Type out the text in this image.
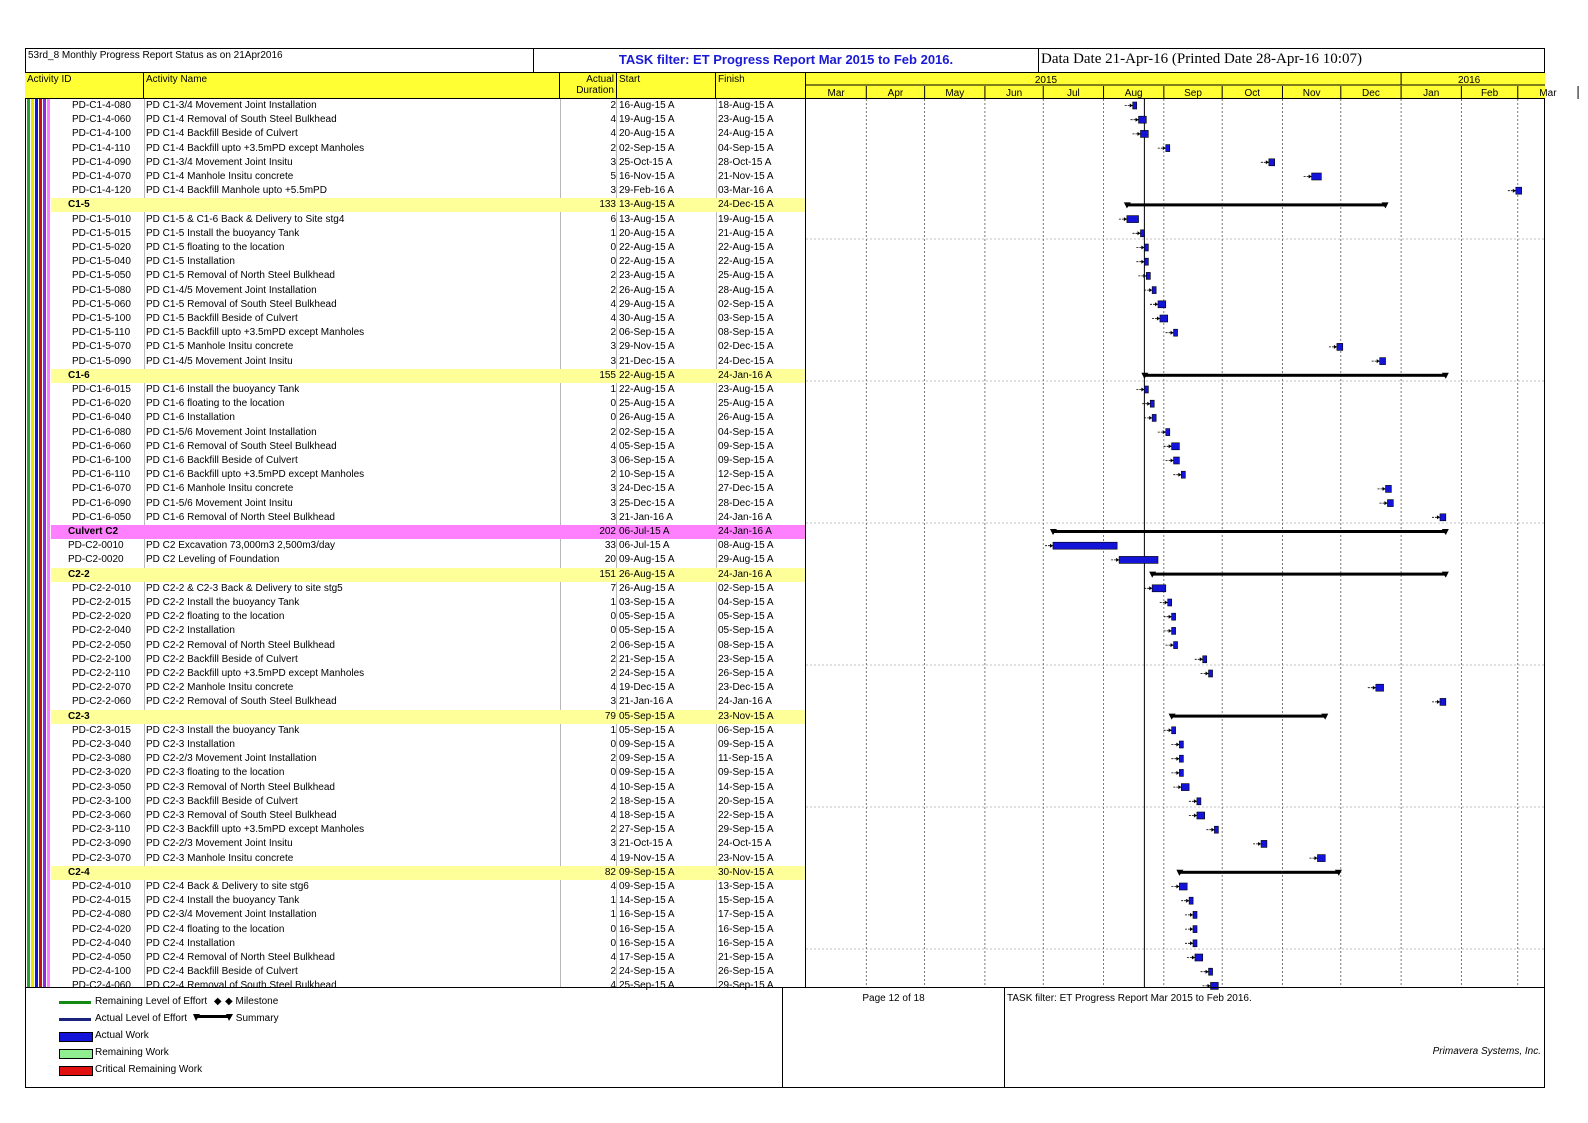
53rd_8 Monthly Progress Report Status as on 21Apr2016	TASK filter: ET Progress Report Mar 2015 to Feb 2016.	Data Date 21-Apr-16 (Printed Date 28-Apr-16 10:07)
Activity ID	Activity Name	Actual
Duration
Start	Finish
PD-C1-4-080	PD C1-3/4 Movement Joint Installation	2 16-Aug-15 A	18-Aug-15 A
PD-C1-4-060	PD C1-4 Removal of South Steel Bulkhead	4 19-Aug-15 A	23-Aug-15 A
PD-C1-4-100	PD C1-4 Backfill Beside of Culvert	4 20-Aug-15 A	24-Aug-15 A
PD-C1-4-110	PD C1-4 Backfill upto +3.5mPD except Manholes	2 02-Sep-15 A	04-Sep-15 A
PD-C1-4-090	PD C1-3/4 Movement Joint Insitu	3 25-Oct-15 A	28-Oct-15 A
PD-C1-4-070	PD C1-4 Manhole Insitu concrete	5 16-Nov-15 A	21-Nov-15 A
PD-C1-4-120	PD C1-4 Backfill Manhole upto +5.5mPD	3 29-Feb-16 A	03-Mar-16 A
C1-5	133 13-Aug-15 A	24-Dec-15 A
PD-C1-5-010	PD C1-5 & C1-6 Back & Delivery to Site stg4	6 13-Aug-15 A	19-Aug-15 A
PD-C1-5-015	PD C1-5 Install the buoyancy Tank	1 20-Aug-15 A	21-Aug-15 A
PD-C1-5-020	PD C1-5 floating to the location	0 22-Aug-15 A	22-Aug-15 A
PD-C1-5-040	PD C1-5 Installation	0 22-Aug-15 A	22-Aug-15 A
PD-C1-5-050	PD C1-5 Removal of North Steel Bulkhead	2 23-Aug-15 A	25-Aug-15 A
PD-C1-5-080	PD C1-4/5 Movement Joint Installation	2 26-Aug-15 A	28-Aug-15 A
PD-C1-5-060	PD C1-5 Removal of South Steel Bulkhead	4 29-Aug-15 A	02-Sep-15 A
PD-C1-5-100	PD C1-5 Backfill Beside of Culvert	4 30-Aug-15 A	03-Sep-15 A
PD-C1-5-110	PD C1-5 Backfill upto +3.5mPD except Manholes	2 06-Sep-15 A	08-Sep-15 A
PD-C1-5-070	PD C1-5 Manhole Insitu concrete	3 29-Nov-15 A	02-Dec-15 A
PD-C1-5-090	PD C1-4/5 Movement Joint Insitu	3 21-Dec-15 A	24-Dec-15 A
C1-6	155 22-Aug-15 A	24-Jan-16 A
PD-C1-6-015	PD C1-6 Install the buoyancy Tank	1 22-Aug-15 A	23-Aug-15 A
PD-C1-6-020	PD C1-6 floating to the location	0 25-Aug-15 A	25-Aug-15 A
PD-C1-6-040	PD C1-6 Installation	0 26-Aug-15 A	26-Aug-15 A
PD-C1-6-080	PD C1-5/6 Movement Joint Installation	2 02-Sep-15 A	04-Sep-15 A
PD-C1-6-060	PD C1-6 Removal of South Steel Bulkhead	4 05-Sep-15 A	09-Sep-15 A
PD-C1-6-100	PD C1-6 Backfill Beside of Culvert	3 06-Sep-15 A	09-Sep-15 A
PD-C1-6-110	PD C1-6 Backfill upto +3.5mPD except Manholes	2 10-Sep-15 A	12-Sep-15 A
PD-C1-6-070	PD C1-6 Manhole Insitu concrete	3 24-Dec-15 A	27-Dec-15 A
PD-C1-6-090	PD C1-5/6 Movement Joint Insitu	3 25-Dec-15 A	28-Dec-15 A
PD-C1-6-050	PD C1-6 Removal of North Steel Bulkhead	3 21-Jan-16 A	24-Jan-16 A
Culvert C2	202 06-Jul-15 A	24-Jan-16 A
PD-C2-0010	PD C2 Excavation 73,000m3 2,500m3/day	33 06-Jul-15 A	08-Aug-15 A
PD-C2-0020	PD C2 Leveling of Foundation	20 09-Aug-15 A	29-Aug-15 A
C2-2	151 26-Aug-15 A	24-Jan-16 A
PD-C2-2-010	PD C2-2 & C2-3 Back & Delivery to site stg5	7 26-Aug-15 A	02-Sep-15 A
PD-C2-2-015	PD C2-2 Install the buoyancy Tank	1 03-Sep-15 A	04-Sep-15 A
PD-C2-2-020	PD C2-2 floating to the location	0 05-Sep-15 A	05-Sep-15 A
PD-C2-2-040	PD C2-2 Installation	0 05-Sep-15 A	05-Sep-15 A
PD-C2-2-050	PD C2-2 Removal of North Steel Bulkhead	2 06-Sep-15 A	08-Sep-15 A
PD-C2-2-100	PD C2-2 Backfill Beside of Culvert	2 21-Sep-15 A	23-Sep-15 A
PD-C2-2-110	PD C2-2 Backfill upto +3.5mPD except Manholes	2 24-Sep-15 A	26-Sep-15 A
PD-C2-2-070	PD C2-2 Manhole Insitu concrete	4 19-Dec-15 A	23-Dec-15 A
PD-C2-2-060	PD C2-2 Removal of South Steel Bulkhead	3 21-Jan-16 A	24-Jan-16 A
C2-3	79 05-Sep-15 A	23-Nov-15 A
PD-C2-3-015	PD C2-3 Install the buoyancy Tank	1 05-Sep-15 A	06-Sep-15 A
PD-C2-3-040	PD C2-3 Installation	0 09-Sep-15 A	09-Sep-15 A
PD-C2-3-080	PD C2-2/3 Movement Joint Installation	2 09-Sep-15 A	11-Sep-15 A
PD-C2-3-020	PD C2-3 floating to the location	0 09-Sep-15 A	09-Sep-15 A
PD-C2-3-050	PD C2-3 Removal of North Steel Bulkhead	4 10-Sep-15 A	14-Sep-15 A
PD-C2-3-100	PD C2-3 Backfill Beside of Culvert	2 18-Sep-15 A	20-Sep-15 A
PD-C2-3-060	PD C2-3 Removal of South Steel Bulkhead	4 18-Sep-15 A	22-Sep-15 A
PD-C2-3-110	PD C2-3 Backfill upto +3.5mPD except Manholes	2 27-Sep-15 A	29-Sep-15 A
PD-C2-3-090	PD C2-2/3 Movement Joint Insitu	3 21-Oct-15 A	24-Oct-15 A
PD-C2-3-070	PD C2-3 Manhole Insitu concrete	4 19-Nov-15 A	23-Nov-15 A
C2-4	82 09-Sep-15 A	30-Nov-15 A
PD-C2-4-010	PD C2-4 Back & Delivery to site stg6	4 09-Sep-15 A	13-Sep-15 A
PD-C2-4-015	PD C2-4 Install the buoyancy Tank	1 14-Sep-15 A	15-Sep-15 A
PD-C2-4-080	PD C2-3/4 Movement Joint Installation	1 16-Sep-15 A	17-Sep-15 A
PD-C2-4-020	PD C2-4 floating to the location	0 16-Sep-15 A	16-Sep-15 A
PD-C2-4-040	PD C2-4 Installation	0 16-Sep-15 A	16-Sep-15 A
PD-C2-4-050	PD C2-4 Removal of North Steel Bulkhead	4 17-Sep-15 A	21-Sep-15 A
PD-C2-4-100	PD C2-4 Backfill Beside of Culvert	2 24-Sep-15 A	26-Sep-15 A
PD-C2-4-060	PD C2-4 Removal of South Steel Bulkhead	4 25-Sep-15 A	29-Sep-15 A
Mar	Apr	May	Jun	Jul	Aug	Sep	Oct	Nov	Dec	Jan	Feb	Mar
2015	2016
Remaining Level of Effort ◆ ◆ Milestone
Actual Level of Effort	Summary
Actual Work
Remaining Work
Critical Remaining Work
Page 12 of 18	TASK filter: ET Progress Report Mar 2015 to Feb 2016.
Primavera Systems, Inc.
